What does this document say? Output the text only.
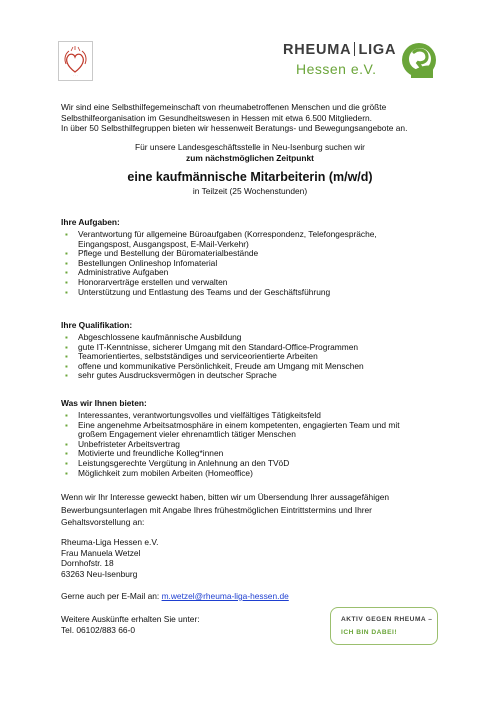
· · ·
RHEUMA LIGA
Hessen e.V.
Wir sind eine Selbsthilfegemeinschaft von rheumabetroffenen Menschen und die größte
Selbsthilfeorganisation im Gesundheitswesen in Hessen mit etwa 6.500 Mitgliedern.
In über 50 Selbsthilfegruppen bieten wir hessenweit Beratungs- und Bewegungsangebote an.
Für unsere Landesgeschäftsstelle in Neu-Isenburg suchen wir
zum nächstmöglichen Zeitpunkt
eine kaufmännische Mitarbeiterin (m/w/d)
in Teilzeit (25 Wochenstunden)
Ihre Aufgaben:
▪ Verantwortung für allgemeine Büroaufgaben (Korrespondenz, Telefongespräche,
Eingangspost, Ausgangspost, E-Mail-Verkehr)
▪ Pflege und Bestellung der Büromaterialbestände
▪ Bestellungen Onlineshop Infomaterial
▪ Administrative Aufgaben
▪ Honorarverträge erstellen und verwalten
▪ Unterstützung und Entlastung des Teams und der Geschäftsführung
Ihre Qualifikation:
▪ Abgeschlossene kaufmännische Ausbildung
▪ gute IT-Kenntnisse, sicherer Umgang mit den Standard-Office-Programmen
▪ Teamorientiertes, selbstständiges und serviceorientierte Arbeiten
▪ offene und kommunikative Persönlichkeit, Freude am Umgang mit Menschen
▪ sehr gutes Ausdrucksvermögen in deutscher Sprache
Was wir Ihnen bieten:
▪ Interessantes, verantwortungsvolles und vielfältiges Tätigkeitsfeld
▪ Eine angenehme Arbeitsatmosphäre in einem kompetenten, engagierten Team und mit
großem Engagement vieler ehrenamtlich tätiger Menschen
▪ Unbefristeter Arbeitsvertrag
▪ Motivierte und freundliche Kolleg*innen
▪ Leistungsgerechte Vergütung in Anlehnung an den TVöD
▪ Möglichkeit zum mobilen Arbeiten (Homeoffice)
Wenn wir Ihr Interesse geweckt haben, bitten wir um Übersendung Ihrer aussagefähigen
Bewerbungsunterlagen mit Angabe Ihres frühestmöglichen Eintrittstermins und Ihrer
Gehaltsvorstellung an:
Rheuma-Liga Hessen e.V.
Frau Manuela Wetzel
Dornhofstr. 18
63263 Neu-Isenburg
Gerne auch per E-Mail an: m.wetzel@rheuma-liga-hessen.de
Weitere Auskünfte erhalten Sie unter:
Tel. 06102/883 66-0
AKTIV GEGEN RHEUMA –
ICH BIN DABEI!
